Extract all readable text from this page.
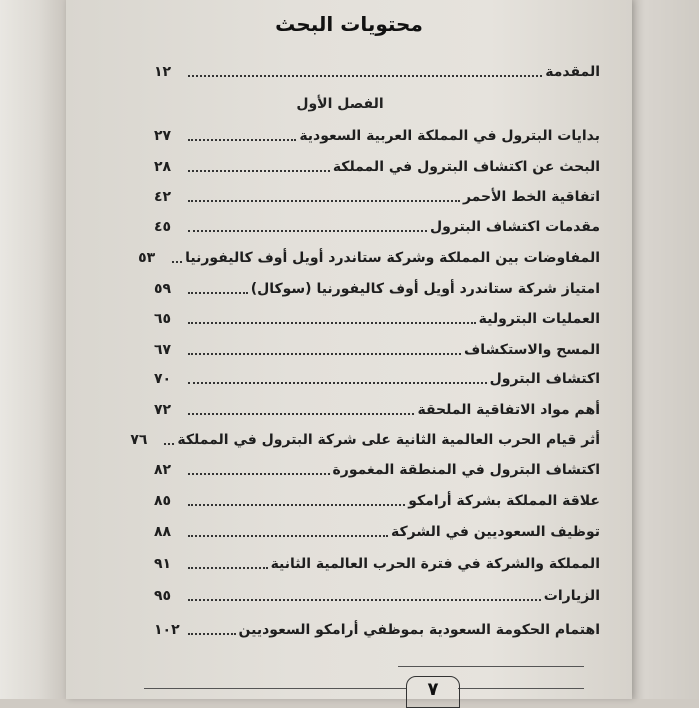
محتويات البحث
الفصل الأول
المقدمة
١٢
بدايات البترول في المملكة العربية السعودية
٢٧
البحث عن اكتشاف البترول في المملكة
٢٨
اتفاقية الخط الأحمر
٤٢
مقدمات اكتشاف البترول
٤٥
المفاوضات بين المملكة وشركة ستاندرد أويل أوف كاليفورنيا
٥٣
امتياز شركة ستاندرد أويل أوف كاليفورنيا (سوكال)
٥٩
العمليات البترولية
٦٥
المسح والاستكشاف
٦٧
اكتشاف البترول
٧٠
أهم مواد الاتفاقية الملحقة
٧٢
أثر قيام الحرب العالمية الثانية على شركة البترول في المملكة
٧٦
اكتشاف البترول في المنطقة المغمورة
٨٢
علاقة المملكة بشركة أرامكو
٨٥
توظيف السعوديين في الشركة
٨٨
المملكة والشركة في فترة الحرب العالمية الثانية
٩١
الزيارات
٩٥
اهتمام الحكومة السعودية بموظفي أرامكو السعوديين
١٠٢
٧
